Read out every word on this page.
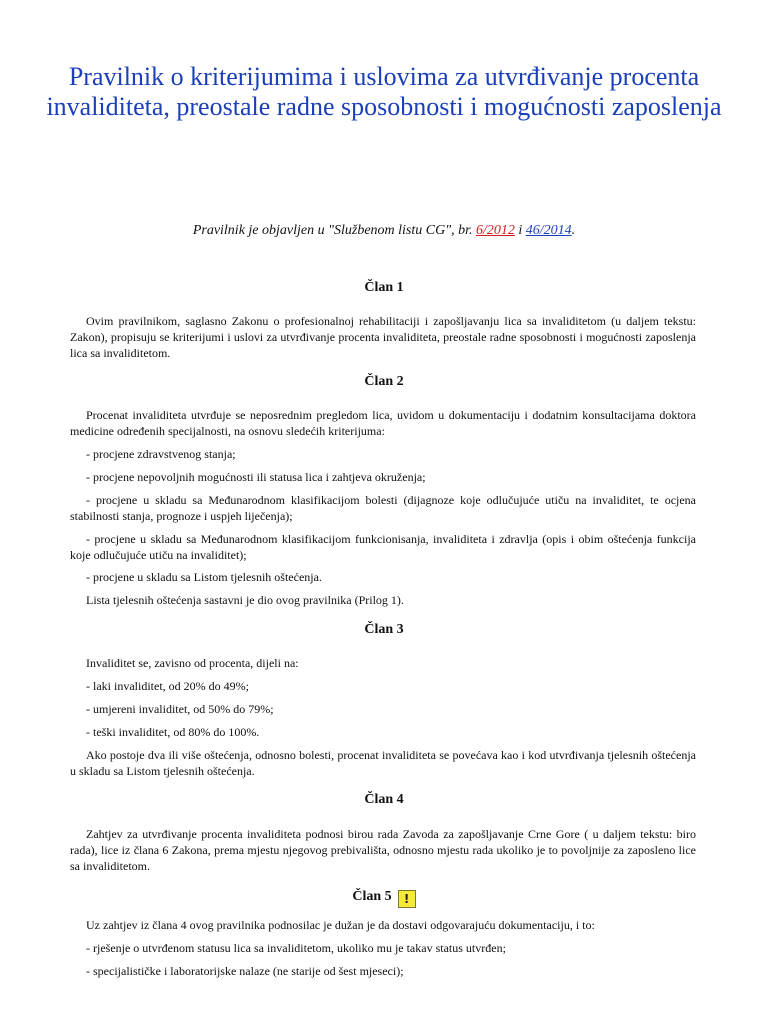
Pravilnik o kriterijumima i uslovima za utvrđivanje procenta invaliditeta, preostale radne sposobnosti i mogućnosti zaposlenja
Pravilnik je objavljen u "Službenom listu CG", br. 6/2012 i 46/2014.
Član 1
Ovim pravilnikom, saglasno Zakonu o profesionalnoj rehabilitaciji i zapošljavanju lica sa invaliditetom (u daljem tekstu: Zakon), propisuju se kriterijumi i uslovi za utvrđivanje procenta invaliditeta, preostale radne sposobnosti i mogućnosti zaposlenja lica sa invaliditetom.
Član 2
Procenat invaliditeta utvrđuje se neposrednim pregledom lica, uvidom u dokumentaciju i dodatnim konsultacijama doktora medicine određenih specijalnosti, na osnovu sledećih kriterijuma:
- procjene zdravstvenog stanja;
- procjene nepovoljnih mogućnosti ili statusa lica i zahtjeva okruženja;
- procjene u skladu sa Međunarodnom klasifikacijom bolesti (dijagnoze koje odlučujuće utiču na invaliditet, te ocjena stabilnosti stanja, prognoze i uspjeh liječenja);
- procjene u skladu sa Međunarodnom klasifikacijom funkcionisanja, invaliditeta i zdravlja (opis i obim oštećenja funkcija koje odlučujuće utiču na invaliditet);
- procjene u skladu sa Listom tjelesnih oštećenja.
Lista tjelesnih oštećenja sastavni je dio ovog pravilnika (Prilog 1).
Član 3
Invaliditet se, zavisno od procenta, dijeli na:
- laki invaliditet, od 20% do 49%;
- umjereni invaliditet, od 50% do 79%;
- teški invaliditet, od 80% do 100%.
Ako postoje dva ili više oštećenja, odnosno bolesti, procenat invaliditeta se povećava kao i kod utvrđivanja tjelesnih oštećenja u skladu sa Listom tjelesnih oštećenja.
Član 4
Zahtjev za utvrđivanje procenta invaliditeta podnosi birou rada Zavoda za zapošljavanje Crne Gore ( u daljem tekstu: biro rada), lice iz člana 6 Zakona, prema mjestu njegovog prebivališta, odnosno mjestu rada ukoliko je to povoljnije za zaposleno lice sa invaliditetom.
Član 5 !
Uz zahtjev iz člana 4 ovog pravilnika podnosilac je dužan je da dostavi odgovarajuću dokumentaciju, i to:
- rješenje o utvrđenom statusu lica sa invaliditetom, ukoliko mu je takav status utvrđen;
- specijalističke i laboratorijske nalaze (ne starije od šest mjeseci);
